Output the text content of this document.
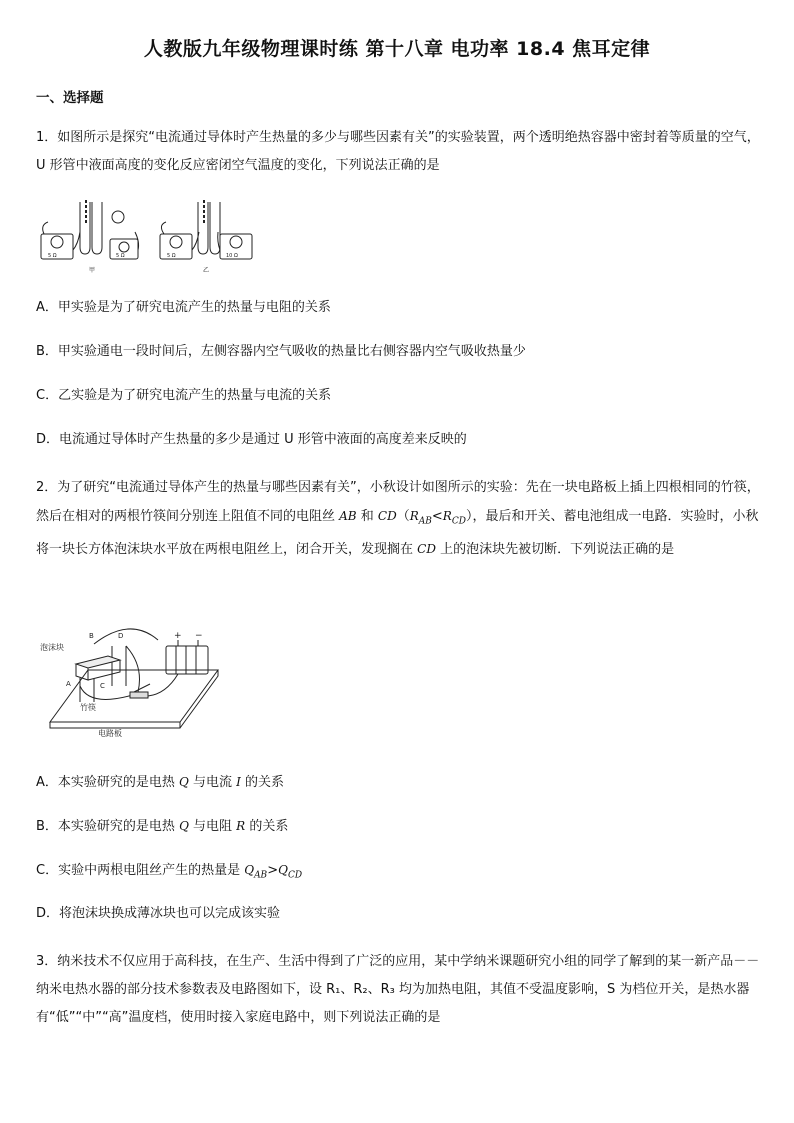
人教版九年级物理课时练 第十八章 电功率 18.4 焦耳定律
一、选择题
1．如图所示是探究“电流通过导体时产生热量的多少与哪些因素有关”的实验装置，两个透明绝热容器中密封着等质量的空气，U 形管中液面高度的变化反应密闭空气温度的变化，下列说法正确的是
5 Ω	5 Ω
甲
5 Ω	10 Ω
乙
A．甲实验是为了研究电流产生的热量与电阻的关系
B．甲实验通电一段时间后，左侧容器内空气吸收的热量比右侧容器内空气吸收热量少
C．乙实验是为了研究电流产生的热量与电流的关系
D．电流通过导体时产生热量的多少是通过 U 形管中液面的高度差来反映的
2．为了研究“电流通过导体产生的热量与哪些因素有关”，小秋设计如图所示的实验：先在一块电路板上插上四根相同的竹筷，然后在相对的两根竹筷间分别连上阻值不同的电阻丝 AB 和 $CD(R_{AB}<R_{CD})$，最后和开关、蓄电池组成一电路．实验时，小秋将一块长方体泡沫块水平放在两根电阻丝上，闭合开关，发现搁在 CD 上的泡沫块先被切断．下列说法正确的是
泡沫块
竹筷
电路板
B	D
A	C
+ −
A．本实验研究的是电热 Q 与电流 I 的关系
B．本实验研究的是电热 Q 与电阻 R 的关系
C．实验中两根电阻丝产生的热量是 $Q_{AB}>Q_{CD}$
D．将泡沫块换成薄冰块也可以完成该实验
3．纳米技术不仅应用于高科技，在生产、生活中得到了广泛的应用，某中学纳米课题研究小组的同学了解到的某一新产品－－纳米电热水器的部分技术参数表及电路图如下，设 R₁、R₂、R₃ 均为加热电阻，其值不受温度影响，S 为档位开关，是热水器有“低”“中”“高”温度档，使用时接入家庭电路中，则下列说法正确的是
